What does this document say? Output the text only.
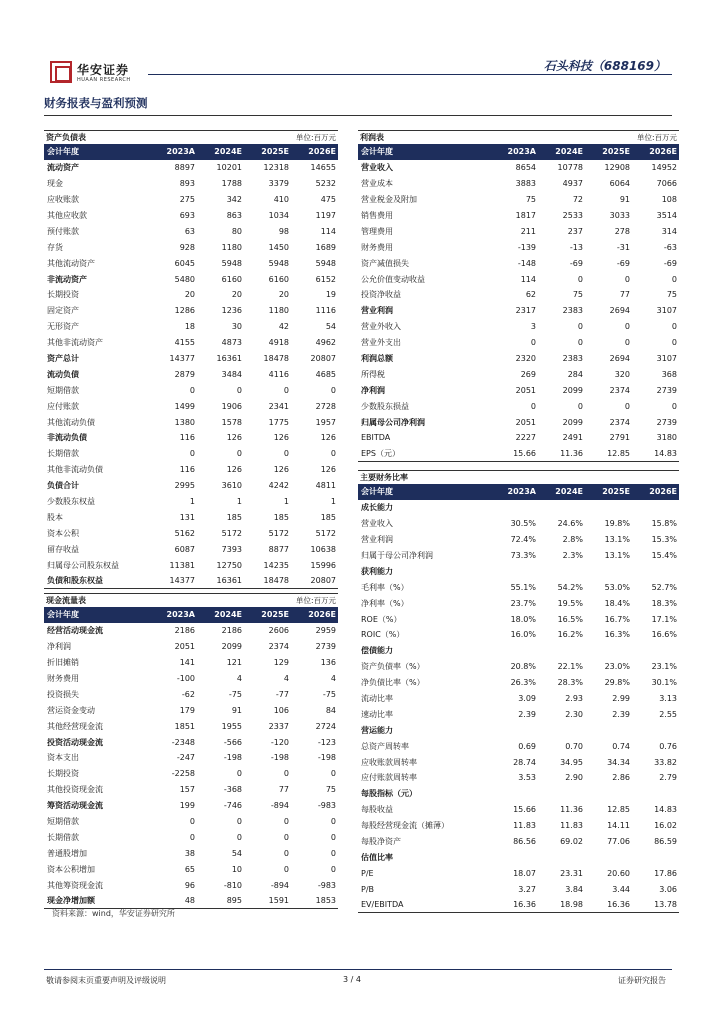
华安证券
HUAAN RESEARCH
石头科技（688169）
财务报表与盈利预测
资产负债表	单位:百万元
会计年度	2023A	2024E	2025E	2026E
流动资产	8897	10201	12318	14655
现金	893	1788	3379	5232
应收账款	275	342	410	475
其他应收款	693	863	1034	1197
预付账款	63	80	98	114
存货	928	1180	1450	1689
其他流动资产	6045	5948	5948	5948
非流动资产	5480	6160	6160	6152
长期投资	20	20	20	19
固定资产	1286	1236	1180	1116
无形资产	18	30	42	54
其他非流动资产	4155	4873	4918	4962
资产总计	14377	16361	18478	20807
流动负债	2879	3484	4116	4685
短期借款	0	0	0	0
应付账款	1499	1906	2341	2728
其他流动负债	1380	1578	1775	1957
非流动负债	116	126	126	126
长期借款	0	0	0	0
其他非流动负债	116	126	126	126
负债合计	2995	3610	4242	4811
少数股东权益	1	1	1	1
股本	131	185	185	185
资本公积	5162	5172	5172	5172
留存收益	6087	7393	8877	10638
归属母公司股东权益	11381	12750	14235	15996
负债和股东权益	14377	16361	18478	20807
利润表	单位:百万元
会计年度	2023A	2024E	2025E	2026E
营业收入	8654	10778	12908	14952
营业成本	3883	4937	6064	7066
营业税金及附加	75	72	91	108
销售费用	1817	2533	3033	3514
管理费用	211	237	278	314
财务费用	-139	-13	-31	-63
资产减值损失	-148	-69	-69	-69
公允价值变动收益	114	0	0	0
投资净收益	62	75	77	75
营业利润	2317	2383	2694	3107
营业外收入	3	0	0	0
营业外支出	0	0	0	0
利润总额	2320	2383	2694	3107
所得税	269	284	320	368
净利润	2051	2099	2374	2739
少数股东损益	0	0	0	0
归属母公司净利润	2051	2099	2374	2739
EBITDA	2227	2491	2791	3180
EPS（元）	15.66	11.36	12.85	14.83
现金流量表	单位:百万元
会计年度	2023A	2024E	2025E	2026E
经营活动现金流	2186	2186	2606	2959
净利润	2051	2099	2374	2739
折旧摊销	141	121	129	136
财务费用	-100	4	4	4
投资损失	-62	-75	-77	-75
营运资金变动	179	91	106	84
其他经营现金流	1851	1955	2337	2724
投资活动现金流	-2348	-566	-120	-123
资本支出	-247	-198	-198	-198
长期投资	-2258	0	0	0
其他投资现金流	157	-368	77	75
筹资活动现金流	199	-746	-894	-983
短期借款	0	0	0	0
长期借款	0	0	0	0
普通股增加	38	54	0	0
资本公积增加	65	10	0	0
其他筹资现金流	96	-810	-894	-983
现金净增加额	48	895	1591	1853
主要财务比率
会计年度	2023A	2024E	2025E	2026E
成长能力
营业收入	30.5%	24.6%	19.8%	15.8%
营业利润	72.4%	2.8%	13.1%	15.3%
归属于母公司净利润	73.3%	2.3%	13.1%	15.4%
获利能力
毛利率（%）	55.1%	54.2%	53.0%	52.7%
净利率（%）	23.7%	19.5%	18.4%	18.3%
ROE（%）	18.0%	16.5%	16.7%	17.1%
ROIC（%）	16.0%	16.2%	16.3%	16.6%
偿债能力
资产负债率（%）	20.8%	22.1%	23.0%	23.1%
净负债比率（%）	26.3%	28.3%	29.8%	30.1%
流动比率	3.09	2.93	2.99	3.13
速动比率	2.39	2.30	2.39	2.55
营运能力
总资产周转率	0.69	0.70	0.74	0.76
应收账款周转率	28.74	34.95	34.34	33.82
应付账款周转率	3.53	2.90	2.86	2.79
每股指标（元）
每股收益	15.66	11.36	12.85	14.83
每股经营现金流（摊薄）	11.83	11.83	14.11	16.02
每股净资产	86.56	69.02	77.06	86.59
估值比率
P/E	18.07	23.31	20.60	17.86
P/B	3.27	3.84	3.44	3.06
EV/EBITDA	16.36	18.98	16.36	13.78
资料来源：wind，华安证券研究所
敬请参阅末页重要声明及评级说明	3 / 4	证券研究报告
